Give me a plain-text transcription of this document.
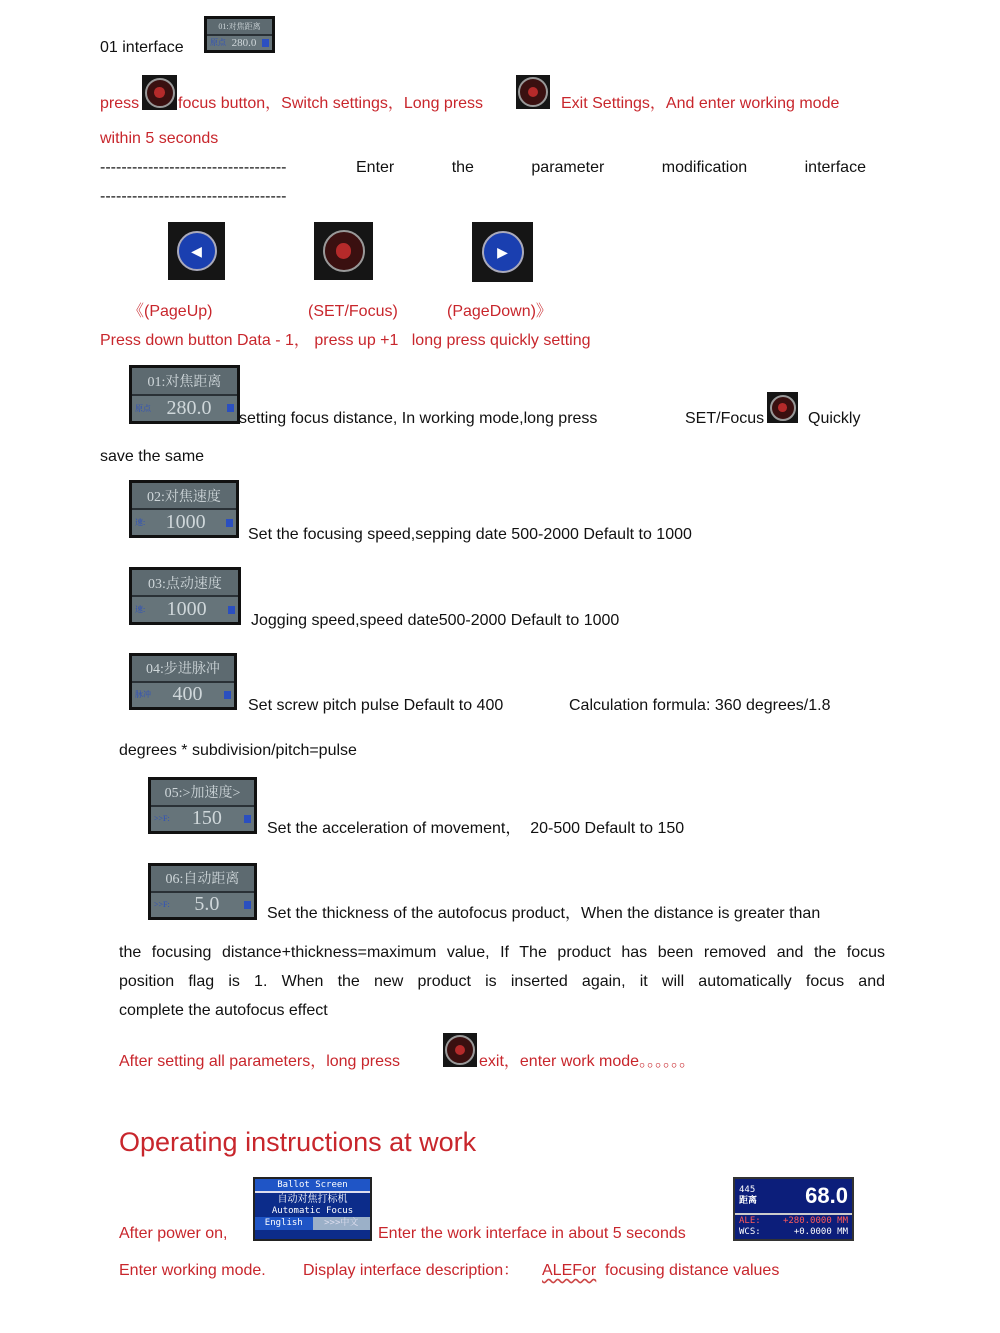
01 interface
01:对焦距离
原点 280.0
press focus button，Switch settings，Long press	Exit Settings，And enter working mode
within 5 seconds
-----------------------------------	Enter	the	parameter	modification	interface
-----------------------------------
◀	▶
《(PageUp)	(SET/Focus)	(PageDown)》
Press down button Data - 1， press up +1 long press quickly setting
01:对焦距离
原点 280.0 setting focus distance, In working mode,long press	SET/Focus	Quickly
save the same
02:对焦速度
速: 1000
Set the focusing speed,sepping date 500-2000 Default to 1000
03:点动速度
速: 1000
Jogging speed,speed date500-2000 Default to 1000
04:步进脉冲
脉冲 400
Set screw pitch pulse Default to 400	Calculation formula: 360 degrees/1.8
degrees * subdivision/pitch=pulse
05:>加速度>
>>F: 150	Set the acceleration of movement，  20-500 Default to 150
06:自动距离
>>F: 5.0	Set the thickness of the autofocus product，When the distance is greater than
the focusing distance+thickness=maximum value, If The product has been removed and the focus
position flag is 1. When the new product is inserted again, it will automatically focus and
complete the autofocus effect
After setting all parameters，long press	exit，enter work mode。。。。。。
Operating instructions at work
After power on,
Ballot Screen
自动对焦打标机
Automatic Focus
English	>>>中文
Enter the work interface in about 5 seconds
445
距离	68.0
ALE: +280.0000 MM
WCS:	+0.0000 MM
Enter working mode. Display interface description： ALEFor focusing distance values
